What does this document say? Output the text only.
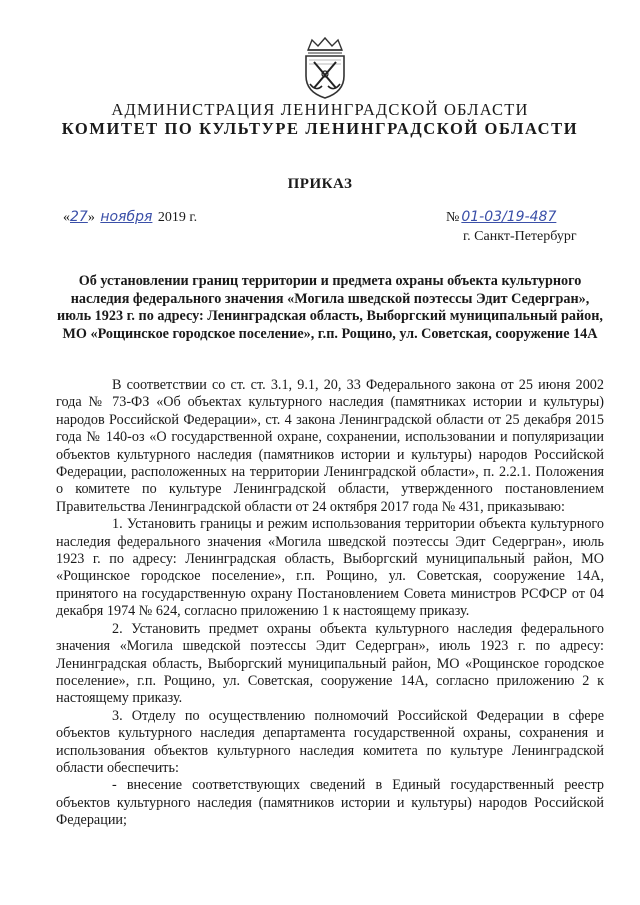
АДМИНИСТРАЦИЯ ЛЕНИНГРАДСКОЙ ОБЛАСТИ
КОМИТЕТ ПО КУЛЬТУРЕ ЛЕНИНГРАДСКОЙ ОБЛАСТИ
ПРИКАЗ
«27» ноября 2019 г.	№ 01-03/19-487
г. Санкт-Петербург
Об установлении границ территории и предмета охраны объекта культурного наследия федерального значения «Могила шведской поэтессы Эдит Седергран», июль 1923 г. по адресу: Ленинградская область, Выборгский муниципальный район, МО «Рощинское городское поселение», г.п. Рощино, ул. Советская, сооружение 14А

В соответствии со ст. ст. 3.1, 9.1, 20, 33 Федерального закона от 25 июня 2002 года № 73-ФЗ «Об объектах культурного наследия (памятниках истории и культуры) народов Российской Федерации», ст. 4 закона Ленинградской области от 25 декабря 2015 года № 140-оз «О государственной охране, сохранении, использовании и популяризации объектов культурного наследия (памятников истории и культуры) народов Российской Федерации, расположенных на территории Ленинградской области», п. 2.2.1. Положения о комитете по культуре Ленинградской области, утвержденного постановлением Правительства Ленинградской области от 24 октября 2017 года № 431, приказываю:

1. Установить границы и режим использования территории объекта культурного наследия федерального значения «Могила шведской поэтессы Эдит Седергран», июль 1923 г. по адресу: Ленинградская область, Выборгский муниципальный район, МО «Рощинское городское поселение», г.п. Рощино, ул. Советская, сооружение 14А, принятого на государственную охрану Постановлением Совета министров РСФСР от 04 декабря 1974 № 624, согласно приложению 1 к настоящему приказу.

2. Установить предмет охраны объекта культурного наследия федерального значения «Могила шведской поэтессы Эдит Седергран», июль 1923 г. по адресу: Ленинградская область, Выборгский муниципальный район, МО «Рощинское городское поселение», г.п. Рощино, ул. Советская, сооружение 14А, согласно приложению 2 к настоящему приказу.

3. Отделу по осуществлению полномочий Российской Федерации в сфере объектов культурного наследия департамента государственной охраны, сохранения и использования объектов культурного наследия комитета по культуре Ленинградской области обеспечить:

- внесение соответствующих сведений в Единый государственный реестр объектов культурного наследия (памятников истории и культуры) народов Российской Федерации;
